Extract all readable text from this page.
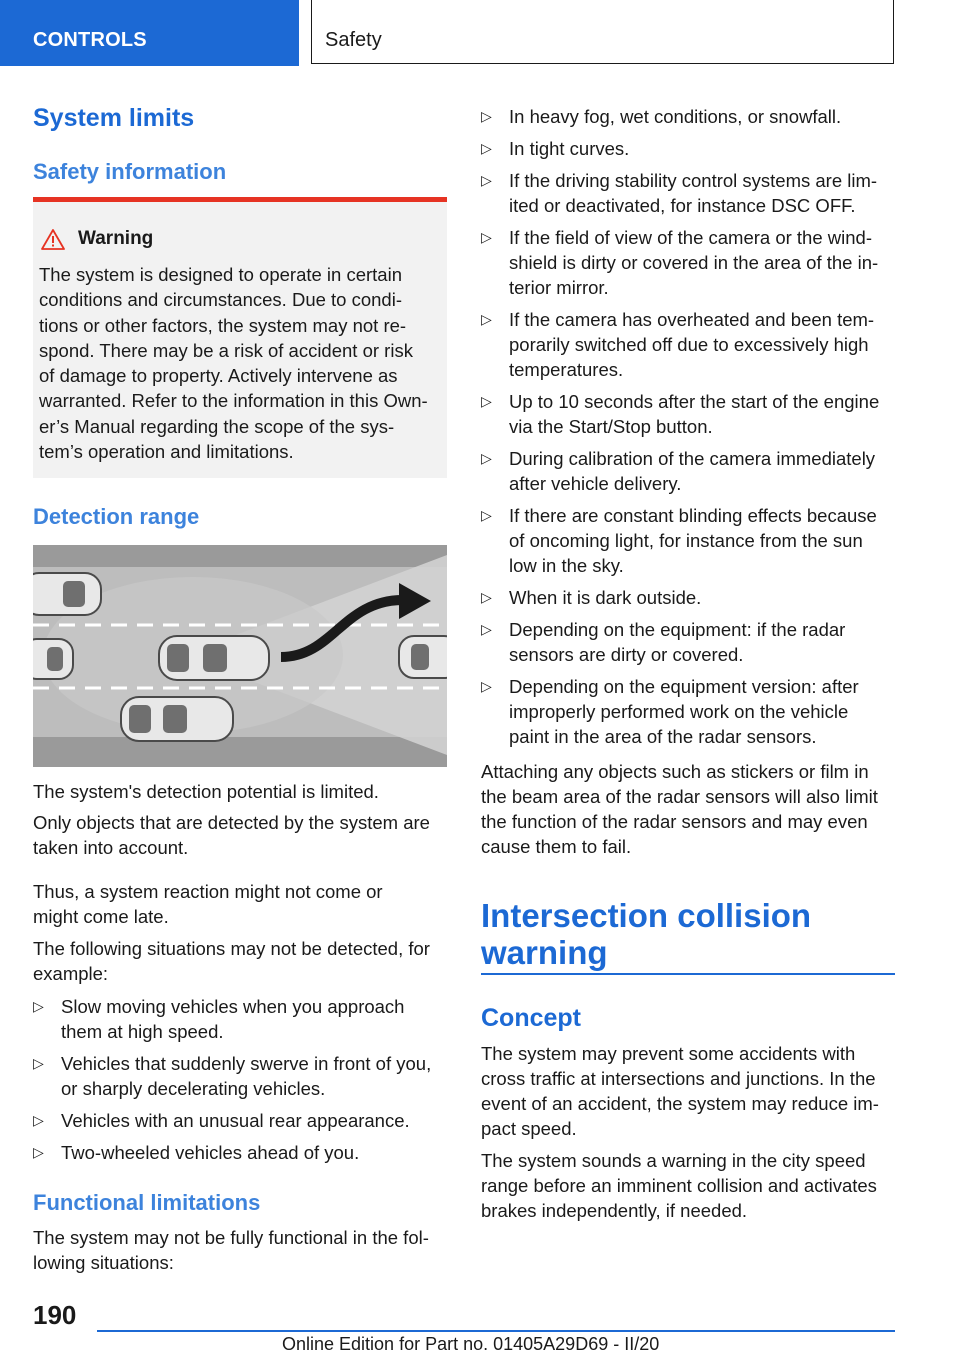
CONTROLS	Safety
System limits
Safety information
Warning
The system is designed to operate in certain
conditions and circumstances. Due to condi-
tions or other factors, the system may not re-
spond. There may be a risk of accident or risk
of damage to property. Actively intervene as
warranted. Refer to the information in this Own-
er’s Manual regarding the scope of the sys-
tem’s operation and limitations.
Detection range
The system's detection potential is limited.
Only objects that are detected by the system are
taken into account.
Thus, a system reaction might not come or
might come late.
The following situations may not be detected, for
example:
▷ Slow moving vehicles when you approach
them at high speed.
▷ Vehicles that suddenly swerve in front of you,
or sharply decelerating vehicles.
▷ Vehicles with an unusual rear appearance.
▷ Two-wheeled vehicles ahead of you.
Functional limitations
The system may not be fully functional in the fol-
lowing situations:
▷ In heavy fog, wet conditions, or snowfall.
▷ In tight curves.
▷ If the driving stability control systems are lim-
ited or deactivated, for instance DSC OFF.
▷ If the field of view of the camera or the wind-
shield is dirty or covered in the area of the in-
terior mirror.
▷ If the camera has overheated and been tem-
porarily switched off due to excessively high
temperatures.
▷ Up to 10 seconds after the start of the engine
via the Start/Stop button.
▷ During calibration of the camera immediately
after vehicle delivery.
▷ If there are constant blinding effects because
of oncoming light, for instance from the sun
low in the sky.
▷ When it is dark outside.
▷ Depending on the equipment: if the radar
sensors are dirty or covered.
▷ Depending on the equipment version: after
improperly performed work on the vehicle
paint in the area of the radar sensors.
Attaching any objects such as stickers or film in
the beam area of the radar sensors will also limit
the function of the radar sensors and may even
cause them to fail.
Intersection collision
warning
Concept
The system may prevent some accidents with
cross traffic at intersections and junctions. In the
event of an accident, the system may reduce im-
pact speed.
The system sounds a warning in the city speed
range before an imminent collision and activates
brakes independently, if needed.
190
Online Edition for Part no. 01405A29D69 - II/20
